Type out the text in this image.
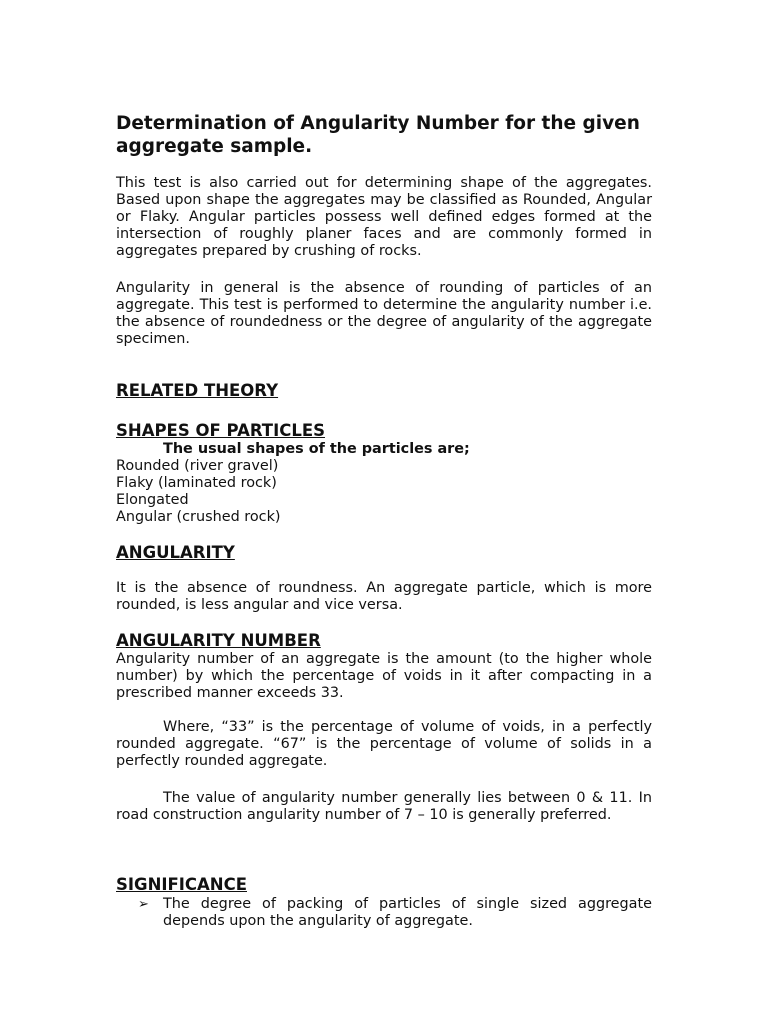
Determination of Angularity Number for the given aggregate sample.

This test is also carried out for determining shape of the aggregates. Based upon shape the aggregates may be classified as Rounded, Angular or Flaky. Angular particles possess well defined edges formed at the intersection of roughly planer faces and are commonly formed in aggregates prepared by crushing of rocks.

Angularity in general is the absence of rounding of particles of an aggregate. This test is performed to determine the angularity number i.e. the absence of roundedness or the degree of angularity of the aggregate specimen.

RELATED THEORY
SHAPES OF PARTICLES

The usual shapes of the particles are;

Rounded (river gravel)
Flaky (laminated rock)
Elongated
Angular (crushed rock)
ANGULARITY

It is the absence of roundness. An aggregate particle, which is more rounded, is less angular and vice versa.

ANGULARITY NUMBER

Angularity number of an aggregate is the amount (to the higher whole number) by which the percentage of voids in it after compacting in a prescribed manner exceeds 33.

Where, “33” is the percentage of volume of voids, in a perfectly rounded aggregate. “67” is the percentage of volume of solids in a perfectly rounded aggregate.

The value of angularity number generally lies between 0 & 11. In road construction angularity number of 7 – 10 is generally preferred.

SIGNIFICANCE
➢ The degree of packing of particles of single sized aggregate depends upon the angularity of aggregate.
